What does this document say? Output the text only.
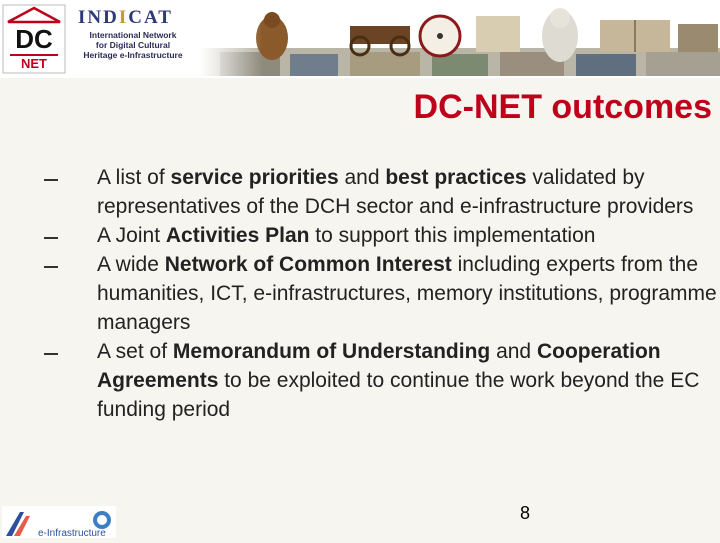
DC
NET
INDICAT
International Network
for Digital Cultural
Heritage e-Infrastructure
DC-NET outcomes
A list of service priorities and best practices validated by representatives of the DCH sector and e-infrastructure providers
A Joint Activities Plan to support this implementation
A wide Network of Common Interest including experts from the humanities, ICT, e-infrastructures, memory institutions, programme managers
A set of Memorandum of Understanding and Cooperation Agreements to be exploited to continue the work beyond the EC funding period
8
e-Infrastructure
